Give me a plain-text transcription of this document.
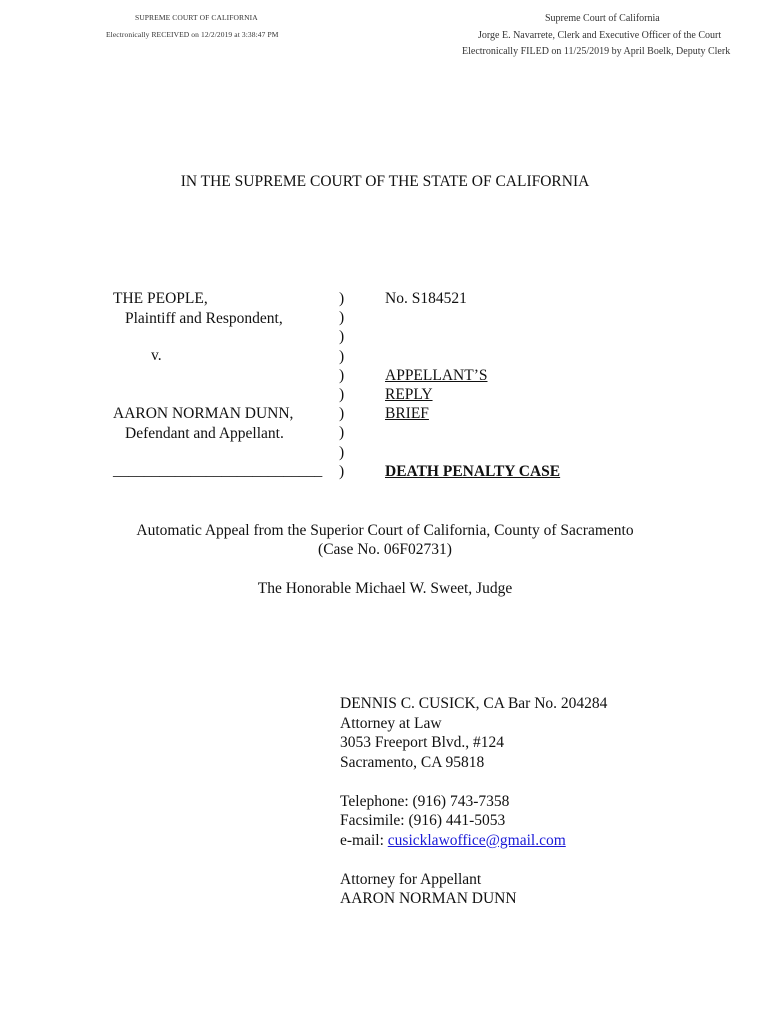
SUPREME COURT OF CALIFORNIA
Electronically RECEIVED on 12/2/2019 at 3:38:47 PM
Supreme Court of California
Jorge E. Navarrete, Clerk and Executive Officer of the Court
Electronically FILED on 11/25/2019 by April Boelk, Deputy Clerk
IN THE SUPREME COURT OF THE STATE OF CALIFORNIA
THE PEOPLE,
Plaintiff and Respondent,
v.
AARON NORMAN DUNN,
Defendant and Appellant.
___________________________
)
)
)
)
)
)
)
)
)
)
No. S184521
APPELLANT’S
REPLY
BRIEF
DEATH PENALTY CASE
Automatic Appeal from the Superior Court of California, County of Sacramento
(Case No. 06F02731)
The Honorable Michael W. Sweet, Judge
DENNIS C. CUSICK, CA Bar No. 204284
Attorney at Law
3053 Freeport Blvd., #124
Sacramento, CA 95818
Telephone: (916) 743-7358
Facsimile: (916) 441-5053
e-mail: cusicklawoffice@gmail.com
Attorney for Appellant
AARON NORMAN DUNN
